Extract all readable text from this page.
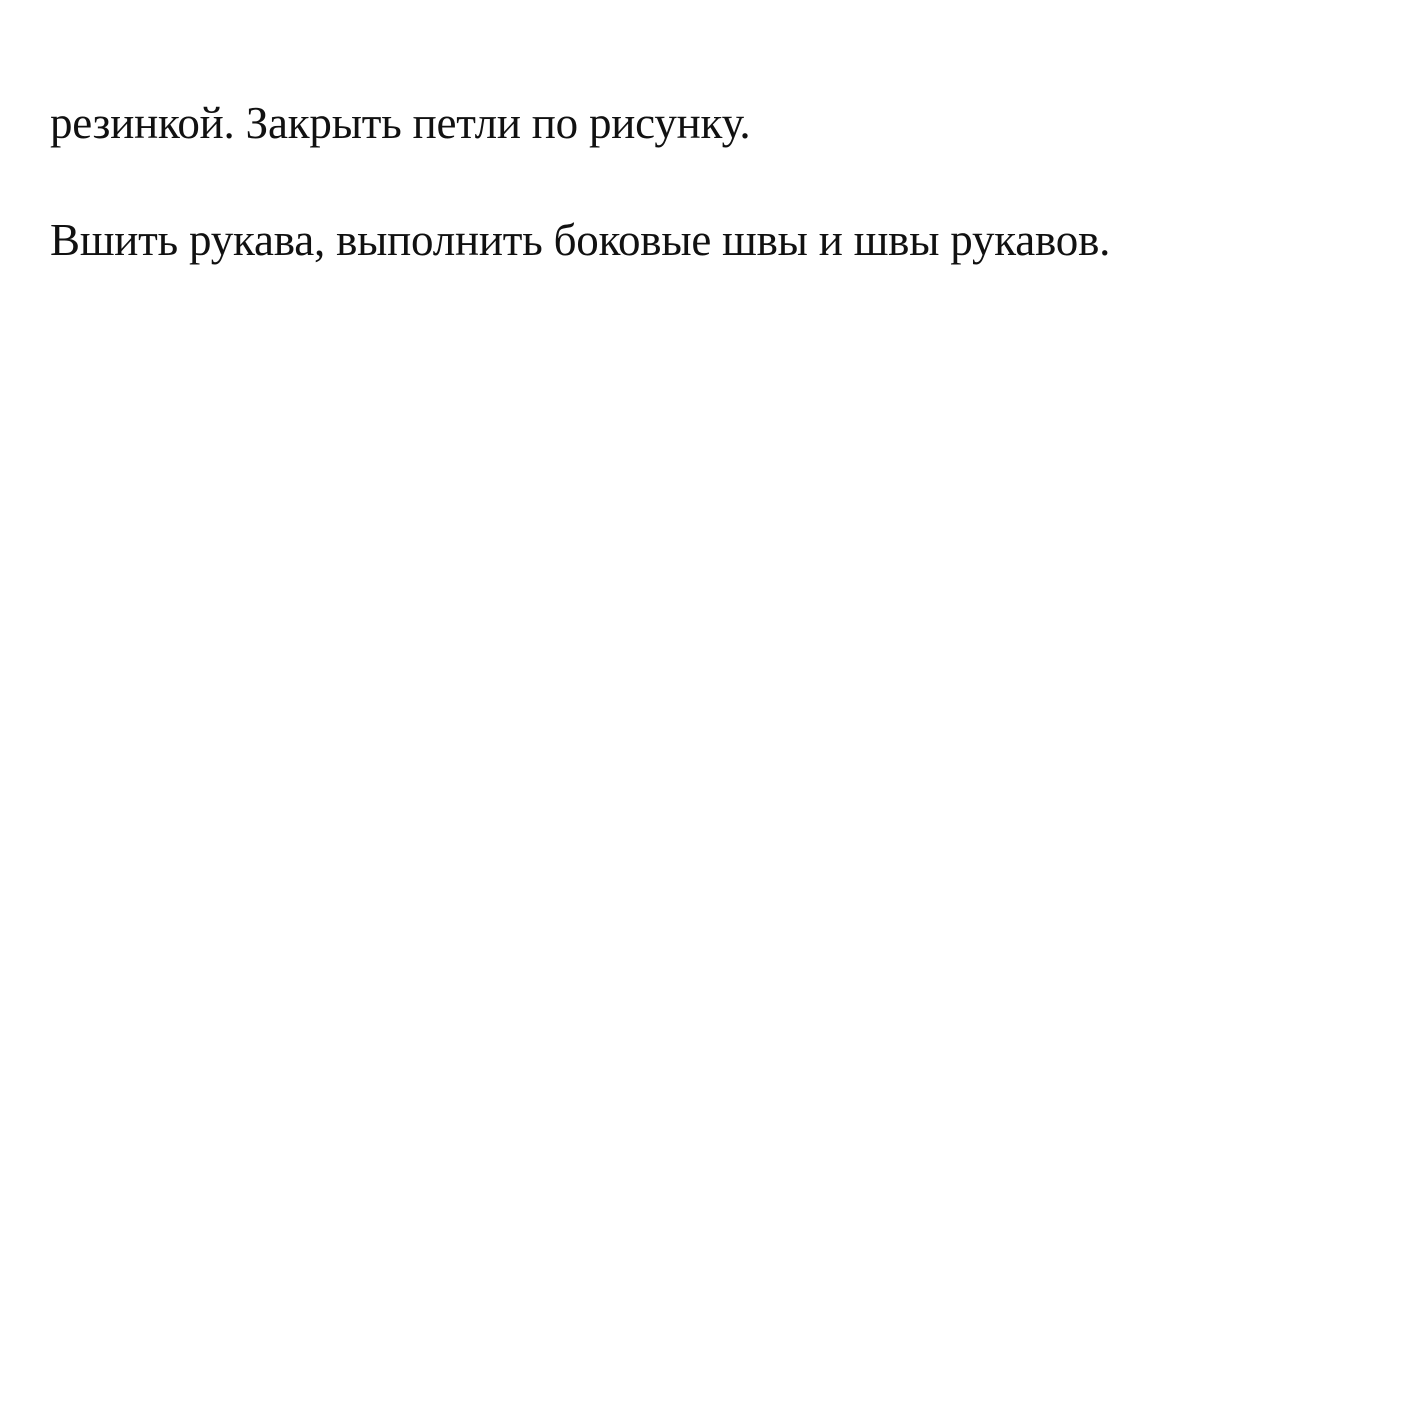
резинкой. Закрыть петли по рисунку.

Вшить рукава, выполнить боковые швы и швы рукавов.
